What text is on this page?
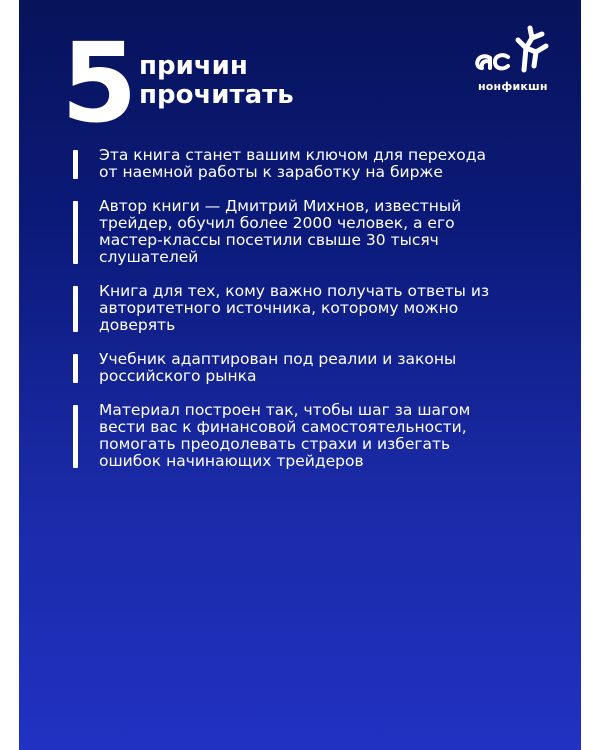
5 причин
прочитать	нонфикшн
Эта книга станет вашим ключом для перехода
от наемной работы к заработку на бирже
Автор книги — Дмитрий Михнов, известный
трейдер, обучил более 2000 человек, а его
мастер-классы посетили свыше 30 тысяч
слушателей
Книга для тех, кому важно получать ответы из
авторитетного источника, которому можно
доверять
Учебник адаптирован под реалии и законы
российского рынка
Материал построен так, чтобы шаг за шагом
вести вас к финансовой самостоятельности,
помогать преодолевать страхи и избегать
ошибок начинающих трейдеров
